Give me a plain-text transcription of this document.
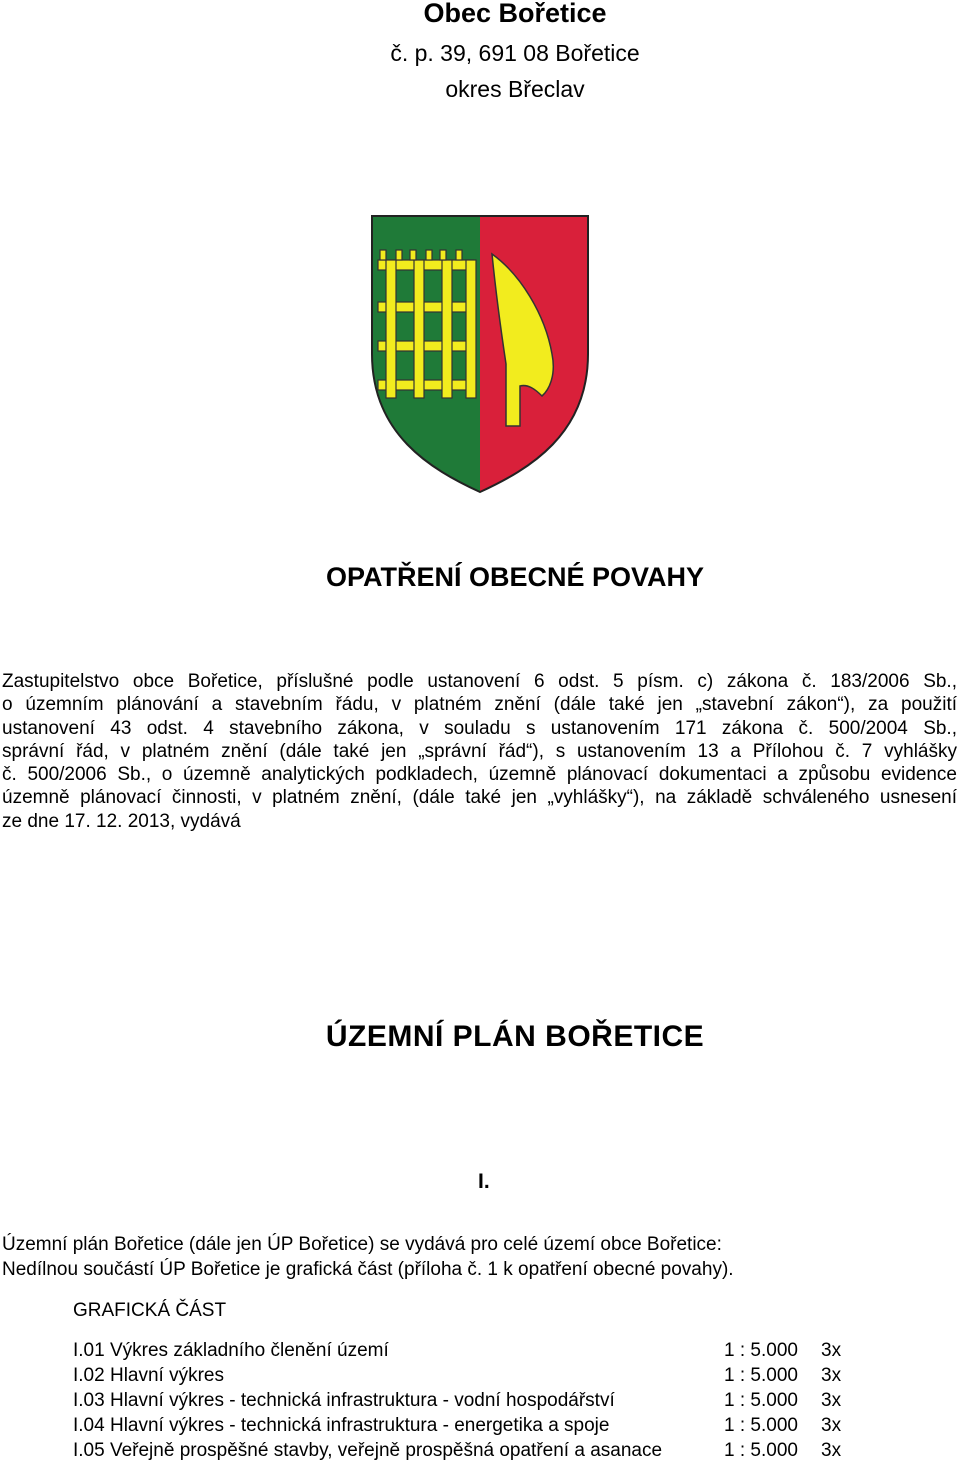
Obec Bořetice
č. p. 39, 691 08 Bořetice
okres Břeclav
OPATŘENÍ OBECNÉ POVAHY
Zastupitelstvo obce Bořetice, příslušné podle ustanovení 6 odst. 5 písm. c) zákona č. 183/2006 Sb.,
o územním plánování a stavebním řádu, v platném znění (dále také jen „stavební zákon“), za použití
ustanovení 43 odst. 4 stavebního zákona, v souladu s ustanovením 171 zákona č. 500/2004 Sb.,
správní řád, v platném znění (dále také jen „správní řád“), s ustanovením 13 a Přílohou č. 7 vyhlášky
č. 500/2006 Sb., o územně analytických podkladech, územně plánovací dokumentaci a způsobu evidence
územně plánovací činnosti, v platném znění, (dále také jen „vyhlášky“), na základě schváleného usnesení
ze dne 17. 12. 2013, vydává
ÚZEMNÍ PLÁN BOŘETICE
I.
Územní plán Bořetice (dále jen ÚP Bořetice) se vydává pro celé území obce Bořetice:
Nedílnou součástí ÚP Bořetice je grafická část (příloha č. 1 k opatření obecné povahy).
GRAFICKÁ ČÁST
I.01 Výkres základního členění území	1 : 5.000 3x
I.02 Hlavní výkres	1 : 5.000 3x
I.03 Hlavní výkres - technická infrastruktura - vodní hospodářství	1 : 5.000 3x
I.04 Hlavní výkres - technická infrastruktura - energetika a spoje	1 : 5.000 3x
I.05 Veřejně prospěšné stavby, veřejně prospěšná opatření a asanace	1 : 5.000 3x
